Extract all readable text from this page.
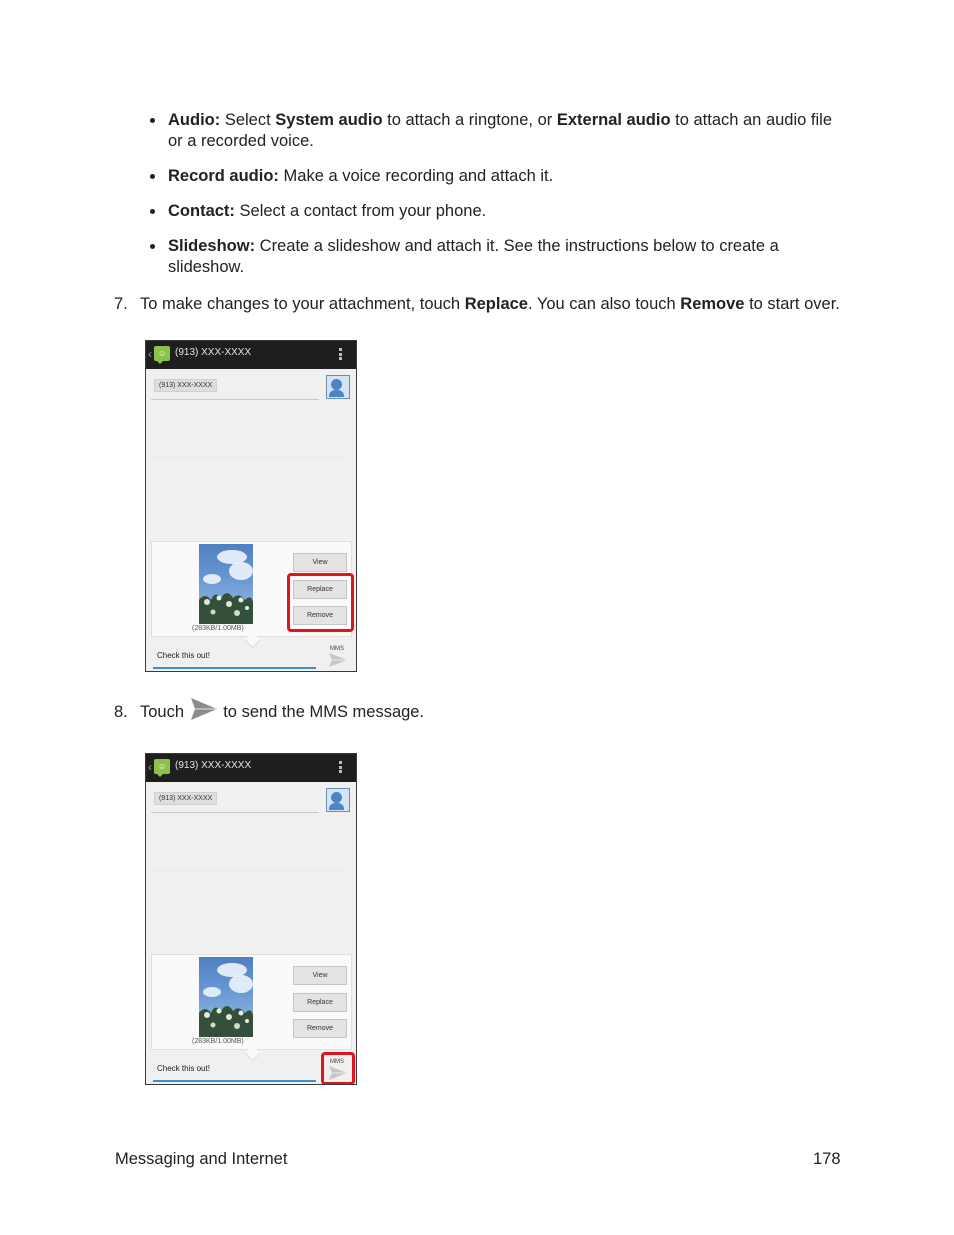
Audio: Select System audio to attach a ringtone, or External audio to attach an audio file or a recorded voice.
Record audio: Make a voice recording and attach it.
Contact: Select a contact from your phone.
Slideshow: Create a slideshow and attach it. See the instructions below to create a slideshow.
7. To make changes to your attachment, touch Replace. You can also touch Remove to start over.
‹ ☺ (913) XXX-XXXX
(913) XXX-XXXX
(283KB/1.00MB)
View
Replace
Remove
Check this out!
MMS
8. Touch to send the MMS message.
‹ ☺ (913) XXX-XXXX
(913) XXX-XXXX
(283KB/1.00MB)
View
Replace
Remove
Check this out!
MMS
Messaging and Internet	178
